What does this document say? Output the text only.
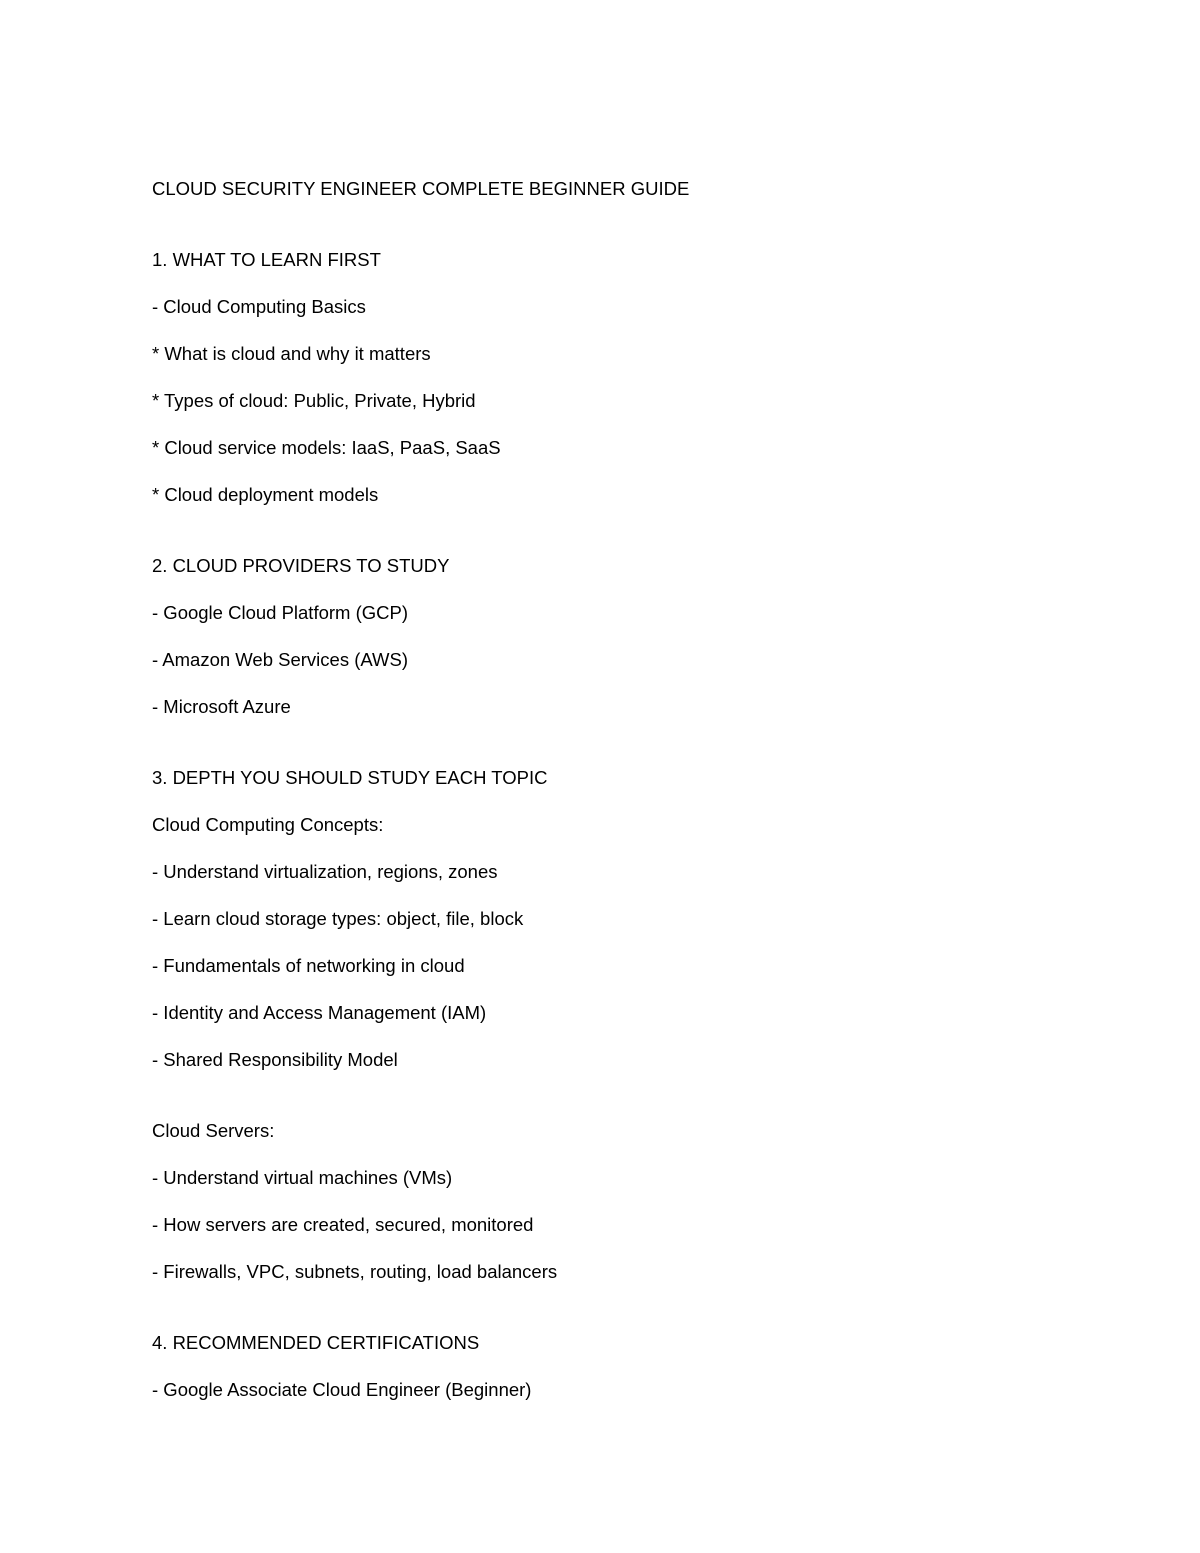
CLOUD SECURITY ENGINEER COMPLETE BEGINNER GUIDE

1. WHAT TO LEARN FIRST

- Cloud Computing Basics

* What is cloud and why it matters

* Types of cloud: Public, Private, Hybrid

* Cloud service models: IaaS, PaaS, SaaS

* Cloud deployment models

2. CLOUD PROVIDERS TO STUDY

- Google Cloud Platform (GCP)

- Amazon Web Services (AWS)

- Microsoft Azure

3. DEPTH YOU SHOULD STUDY EACH TOPIC

Cloud Computing Concepts:

- Understand virtualization, regions, zones

- Learn cloud storage types: object, file, block

- Fundamentals of networking in cloud

- Identity and Access Management (IAM)

- Shared Responsibility Model

Cloud Servers:

- Understand virtual machines (VMs)

- How servers are created, secured, monitored

- Firewalls, VPC, subnets, routing, load balancers

4. RECOMMENDED CERTIFICATIONS

- Google Associate Cloud Engineer (Beginner)
